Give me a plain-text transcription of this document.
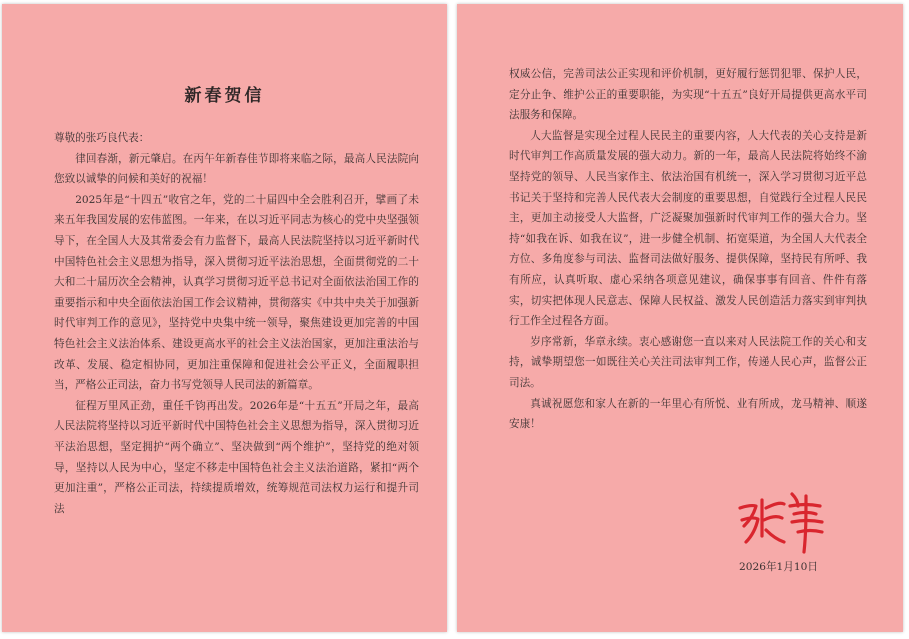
新春贺信

尊敬的张巧良代表：

律回春渐，新元肇启。在丙午年新春佳节即将来临之际，最高人民法院向您致以诚挚的问候和美好的祝福！

2025年是“十四五”收官之年，党的二十届四中全会胜利召开，擘画了未来五年我国发展的宏伟蓝图。一年来，在以习近平同志为核心的党中央坚强领导下，在全国人大及其常委会有力监督下，最高人民法院坚持以习近平新时代中国特色社会主义思想为指导，深入贯彻习近平法治思想，全面贯彻党的二十大和二十届历次全会精神，认真学习贯彻习近平总书记对全面依法治国工作的重要指示和中央全面依法治国工作会议精神，贯彻落实《中共中央关于加强新时代审判工作的意见》，坚持党中央集中统一领导，聚焦建设更加完善的中国特色社会主义法治体系、建设更高水平的社会主义法治国家，更加注重法治与改革、发展、稳定相协同，更加注重保障和促进社会公平正义，全面履职担当，严格公正司法，奋力书写党领导人民司法的新篇章。

征程万里风正劲，重任千钧再出发。2026年是“十五五”开局之年，最高人民法院将坚持以习近平新时代中国特色社会主义思想为指导，深入贯彻习近平法治思想，坚定拥护“两个确立”、坚决做到“两个维护”，坚持党的绝对领导，坚持以人民为中心，坚定不移走中国特色社会主义法治道路，紧扣“两个更加注重”，严格公正司法，持续提质增效，统筹规范司法权力运行和提升司法

权威公信，完善司法公正实现和评价机制，更好履行惩罚犯罪、保护人民，定分止争、维护公正的重要职能，为实现“十五五”良好开局提供更高水平司法服务和保障。

人大监督是实现全过程人民民主的重要内容，人大代表的关心支持是新时代审判工作高质量发展的强大动力。新的一年，最高人民法院将始终不渝坚持党的领导、人民当家作主、依法治国有机统一，深入学习贯彻习近平总书记关于坚持和完善人民代表大会制度的重要思想，自觉践行全过程人民民主，更加主动接受人大监督，广泛凝聚加强新时代审判工作的强大合力。坚持“如我在诉、如我在议”，进一步健全机制、拓宽渠道，为全国人大代表全方位、多角度参与司法、监督司法做好服务、提供保障，坚持民有所呼、我有所应，认真听取、虚心采纳各项意见建议，确保事事有回音、件件有落实，切实把体现人民意志、保障人民权益、激发人民创造活力落实到审判执行工作全过程各方面。

岁序常新，华章永续。衷心感谢您一直以来对人民法院工作的关心和支持，诚挚期望您一如既往关心关注司法审判工作，传递人民心声，监督公正司法。

真诚祝愿您和家人在新的一年里心有所悦、业有所成，龙马精神、顺遂安康！

2026年1月10日
